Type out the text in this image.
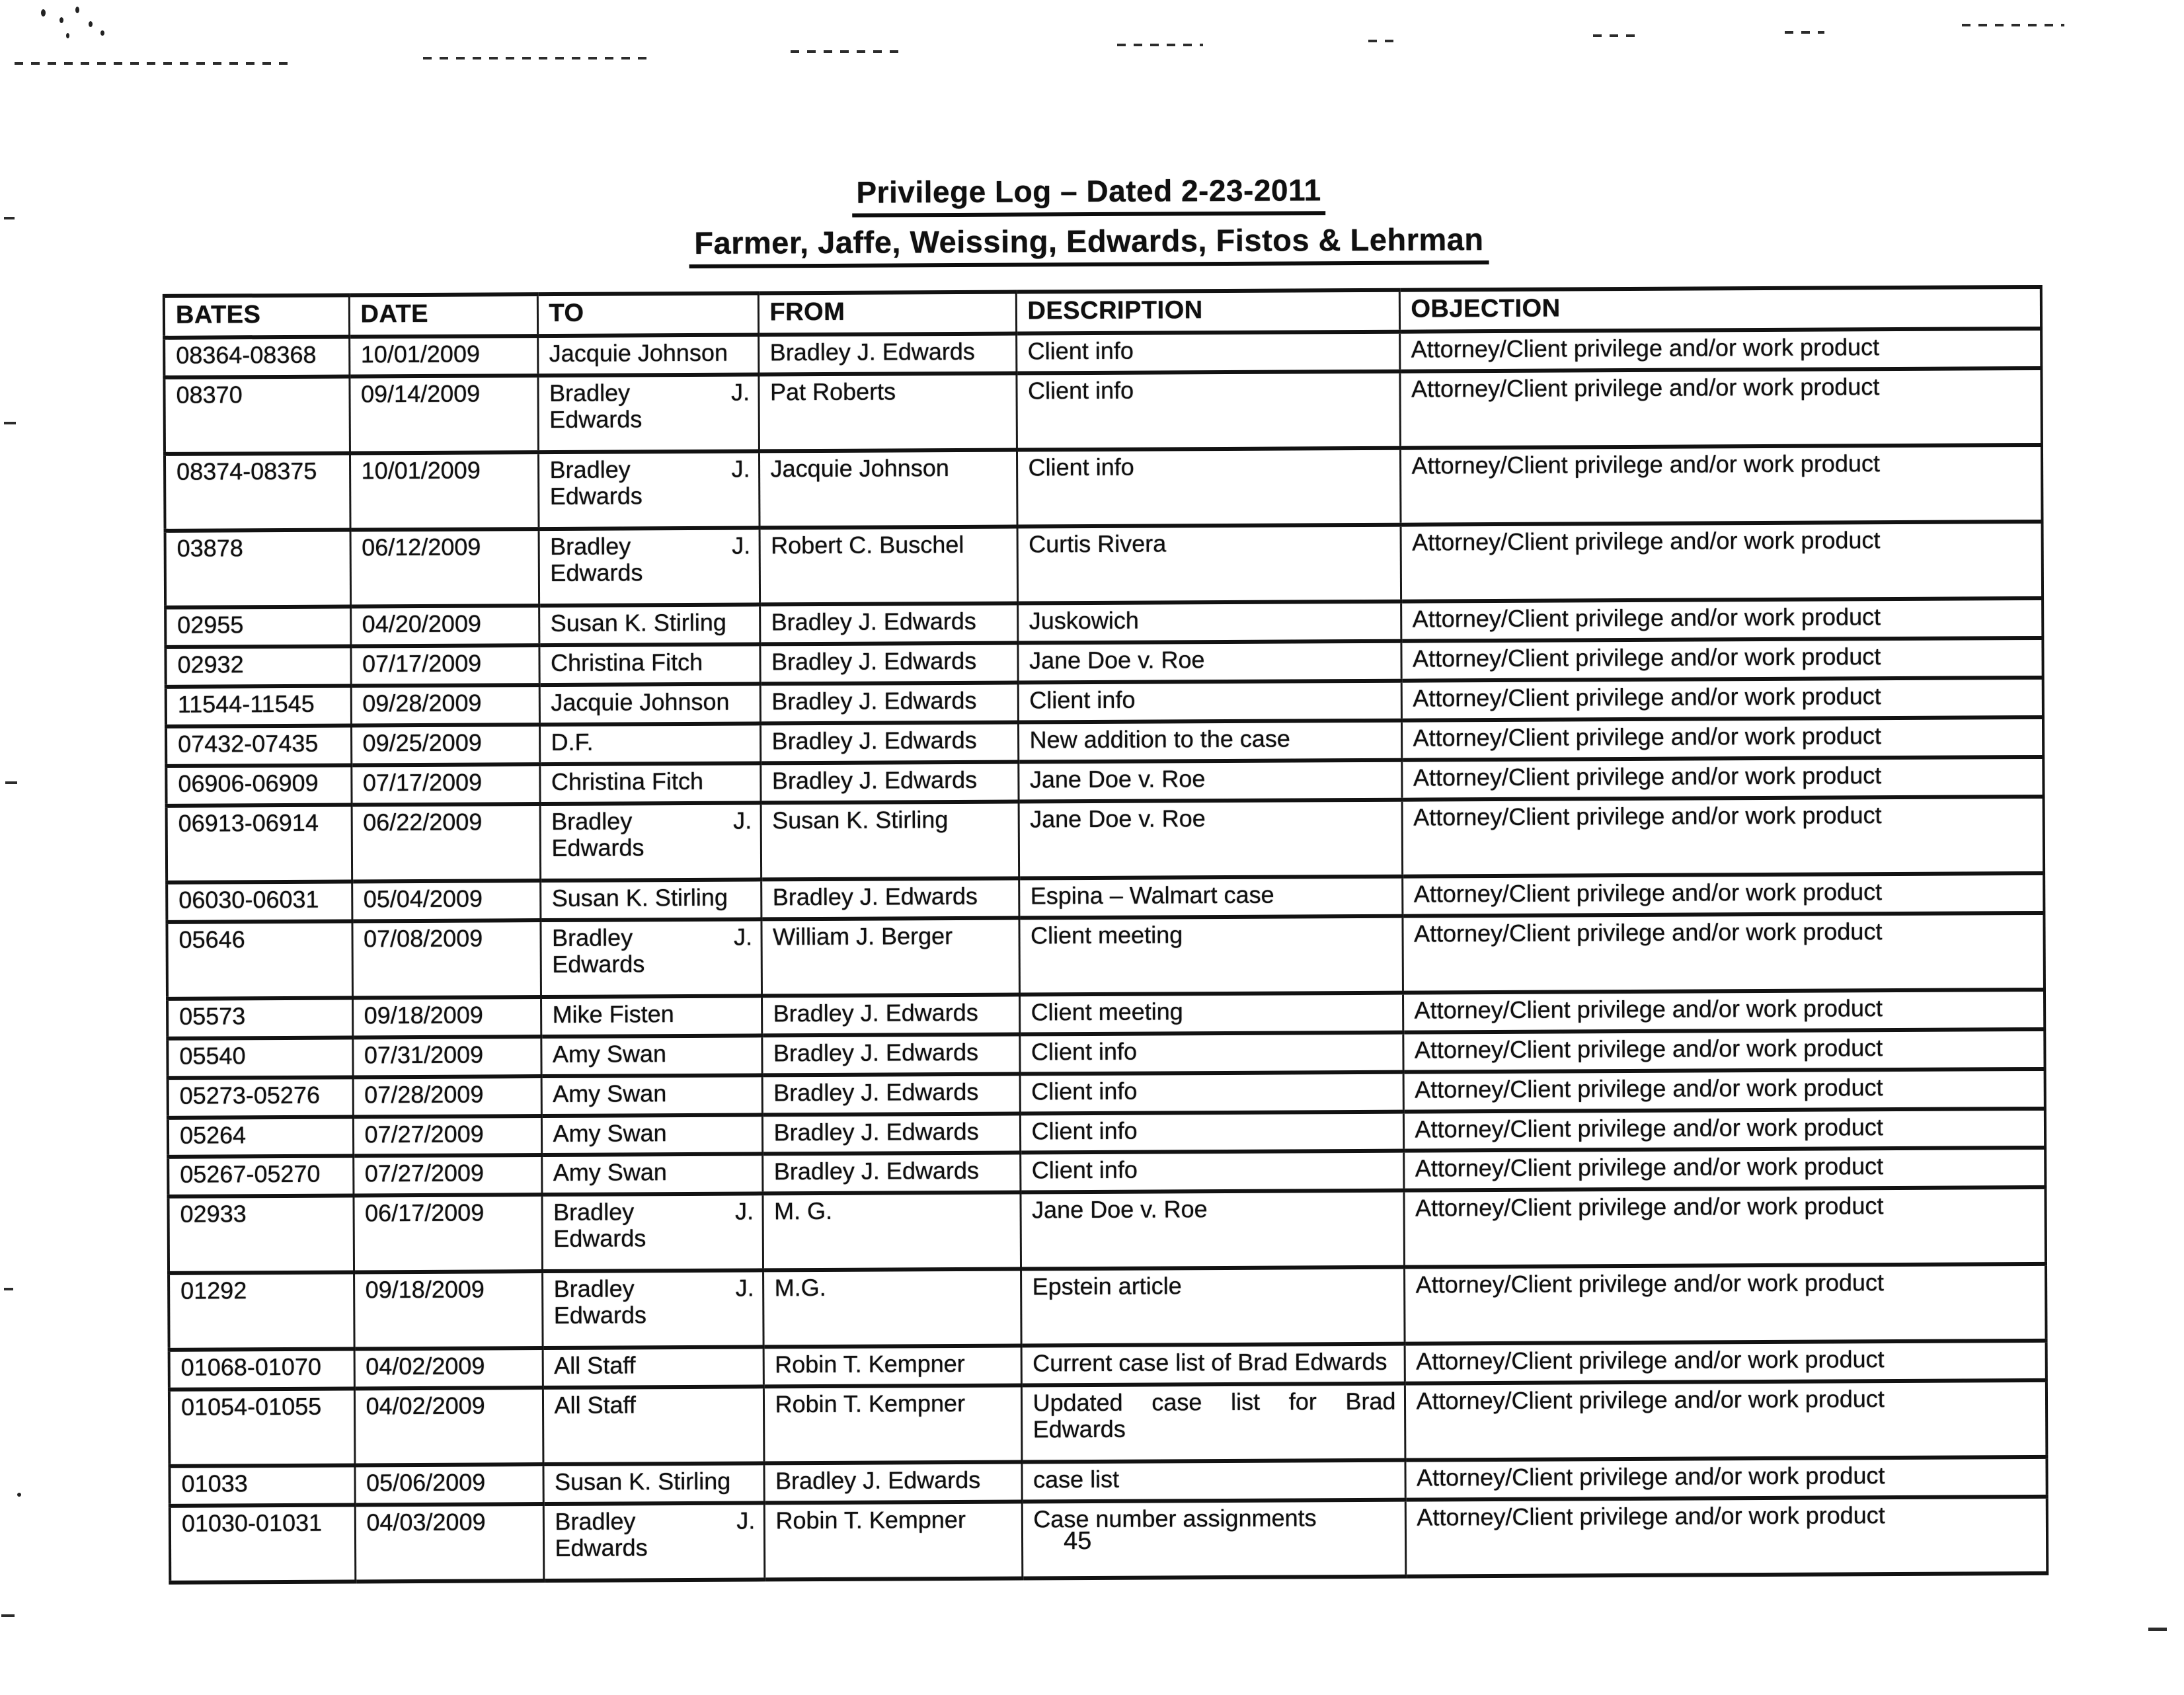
Privilege Log – Dated 2-23-2011
Farmer, Jaffe, Weissing, Edwards, Fistos & Lehrman
BATES	DATE	TO	FROM	DESCRIPTION	OBJECTION
08364-08368	10/01/2009	Jacquie Johnson	Bradley J. Edwards	Client info	Attorney/Client privilege and/or work product
08370	09/14/2009	Bradley J. Edwards	Pat Roberts	Client info	Attorney/Client privilege and/or work product
08374-08375	10/01/2009	Bradley J. Edwards	Jacquie Johnson	Client info	Attorney/Client privilege and/or work product
03878	06/12/2009	Bradley J. Edwards	Robert C. Buschel	Curtis Rivera	Attorney/Client privilege and/or work product
02955	04/20/2009	Susan K. Stirling	Bradley J. Edwards	Juskowich	Attorney/Client privilege and/or work product
02932	07/17/2009	Christina Fitch	Bradley J. Edwards	Jane Doe v. Roe	Attorney/Client privilege and/or work product
11544-11545	09/28/2009	Jacquie Johnson	Bradley J. Edwards	Client info	Attorney/Client privilege and/or work product
07432-07435	09/25/2009	D.F.	Bradley J. Edwards	New addition to the case	Attorney/Client privilege and/or work product
06906-06909	07/17/2009	Christina Fitch	Bradley J. Edwards	Jane Doe v. Roe	Attorney/Client privilege and/or work product
06913-06914	06/22/2009	Bradley J. Edwards	Susan K. Stirling	Jane Doe v. Roe	Attorney/Client privilege and/or work product
06030-06031	05/04/2009	Susan K. Stirling	Bradley J. Edwards	Espina – Walmart case	Attorney/Client privilege and/or work product
05646	07/08/2009	Bradley J. Edwards	William J. Berger	Client meeting	Attorney/Client privilege and/or work product
05573	09/18/2009	Mike Fisten	Bradley J. Edwards	Client meeting	Attorney/Client privilege and/or work product
05540	07/31/2009	Amy Swan	Bradley J. Edwards	Client info	Attorney/Client privilege and/or work product
05273-05276	07/28/2009	Amy Swan	Bradley J. Edwards	Client info	Attorney/Client privilege and/or work product
05264	07/27/2009	Amy Swan	Bradley J. Edwards	Client info	Attorney/Client privilege and/or work product
05267-05270	07/27/2009	Amy Swan	Bradley J. Edwards	Client info	Attorney/Client privilege and/or work product
02933	06/17/2009	Bradley J. Edwards	M. G.	Jane Doe v. Roe	Attorney/Client privilege and/or work product
01292	09/18/2009	Bradley J. Edwards	M.G.	Epstein article	Attorney/Client privilege and/or work product
01068-01070	04/02/2009	All Staff	Robin T. Kempner	Current case list of Brad Edwards	Attorney/Client privilege and/or work product
01054-01055	04/02/2009	All Staff	Robin T. Kempner	Updated case list for Brad Edwards	Attorney/Client privilege and/or work product
01033	05/06/2009	Susan K. Stirling	Bradley J. Edwards	case list	Attorney/Client privilege and/or work product
01030-01031	04/03/2009	Bradley J. Edwards	Robin T. Kempner	Case number assignments	Attorney/Client privilege and/or work product
45
